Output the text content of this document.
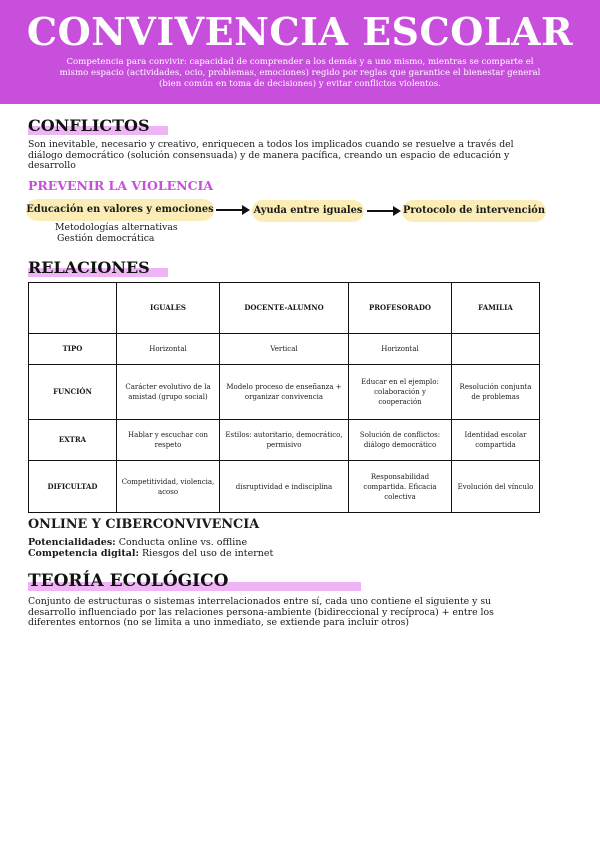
CONVIVENCIA ESCOLAR

Competencia para convivir: capacidad de comprender a los demás y a uno mismo, mientras se comparte el mismo espacio (actividades, ocio, problemas, emociones) regido por reglas que garantice el bienestar general (bien común en toma de decisiones) y evitar conflictos violentos.

CONFLICTOS
Son inevitable, necesario y creativo, enriquecen a todos los implicados cuando se resuelve a través del diálogo democrático (solución consensuada) y de manera pacífica, creando un espacio de educación y desarrollo
PREVENIR LA VIOLENCIA
Educación en valores y emociones	Ayuda entre iguales	Protocolo de intervención
Metodologías alternativas
Gestión democrática
RELACIONES
	IGUALES	DOCENTE-ALUMNO	PROFESORADO	FAMILIA
TIPO	Horizontal	Vertical	Horizontal	
FUNCIÓN	Carácter evolutivo de la amistad (grupo social)	Modelo proceso de enseñanza + organizar convivencia	Educar en el ejemplo: colaboración y cooperación	Resolución conjunta de problemas
EXTRA	Hablar y escuchar con respeto	Estilos: autoritario, democrático, permisivo	Solución de conflictos: diálogo democrático	Identidad escolar compartida
DIFICULTAD	Competitividad, violencia, acoso	disruptividad e indisciplina	Responsabilidad compartida. Eficacia colectiva	Evolución del vínculo
ONLINE Y CIBERCONVIVENCIA
Potencialidades: Conducta online vs. offline
Competencia digital: Riesgos del uso de internet
TEORÍA ECOLÓGICO
Conjunto de estructuras o sistemas interrelacionados entre sí, cada uno contiene el siguiente y su desarrollo influenciado por las relaciones persona-ambiente (bidireccional y recíproca) + entre los diferentes entornos (no se limita a uno inmediato, se extiende para incluir otros)
